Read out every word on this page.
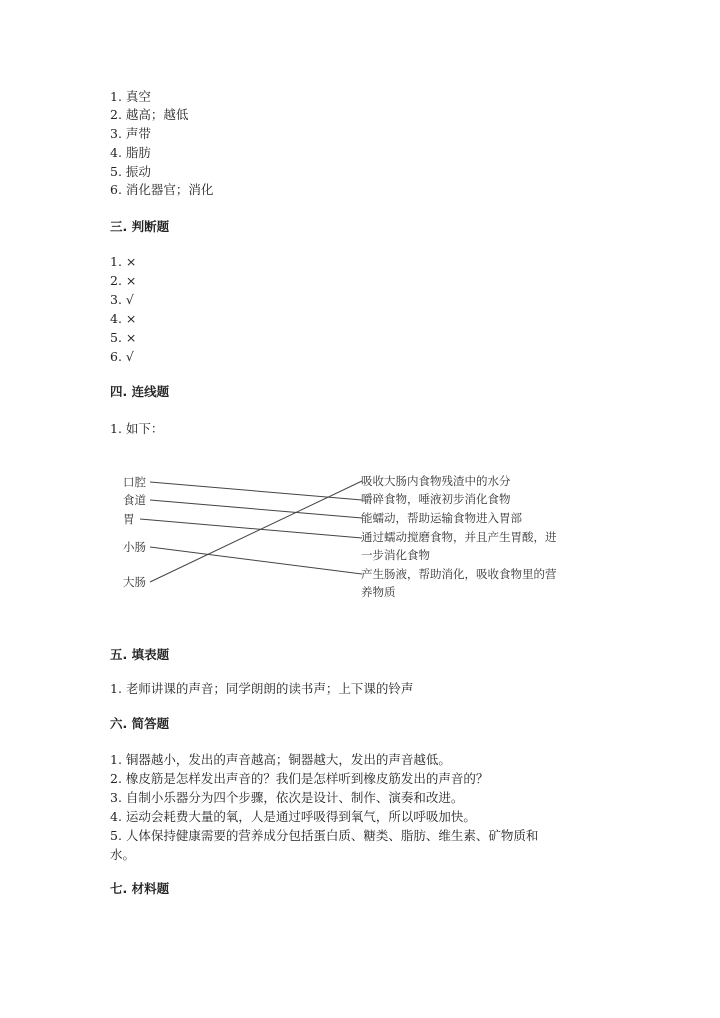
1. 真空
2. 越高；越低
3. 声带
4. 脂肪
5. 振动
6. 消化器官；消化
三. 判断题
1. ×
2. ×
3. √
4. ×
5. ×
6. √
四. 连线题
1. 如下：
口腔
食道
胃
小肠
大肠
吸收大肠内食物残渣中的水分
嚼碎食物，唾液初步消化食物
能蠕动，帮助运输食物进入胃部
通过蠕动搅磨食物，并且产生胃酸，进
一步消化食物
产生肠液，帮助消化，吸收食物里的营
养物质
五. 填表题
1. 老师讲课的声音；同学朗朗的读书声；上下课的铃声
六. 简答题
1. 铜器越小，发出的声音越高；铜器越大，发出的声音越低。
2. 橡皮筋是怎样发出声音的？我们是怎样听到橡皮筋发出的声音的？
3. 自制小乐器分为四个步骤，依次是设计、制作、演奏和改进。
4. 运动会耗费大量的氧，人是通过呼吸得到氧气，所以呼吸加快。
5. 人体保持健康需要的营养成分包括蛋白质、糖类、脂肪、维生素、矿物质和
水。
七. 材料题
